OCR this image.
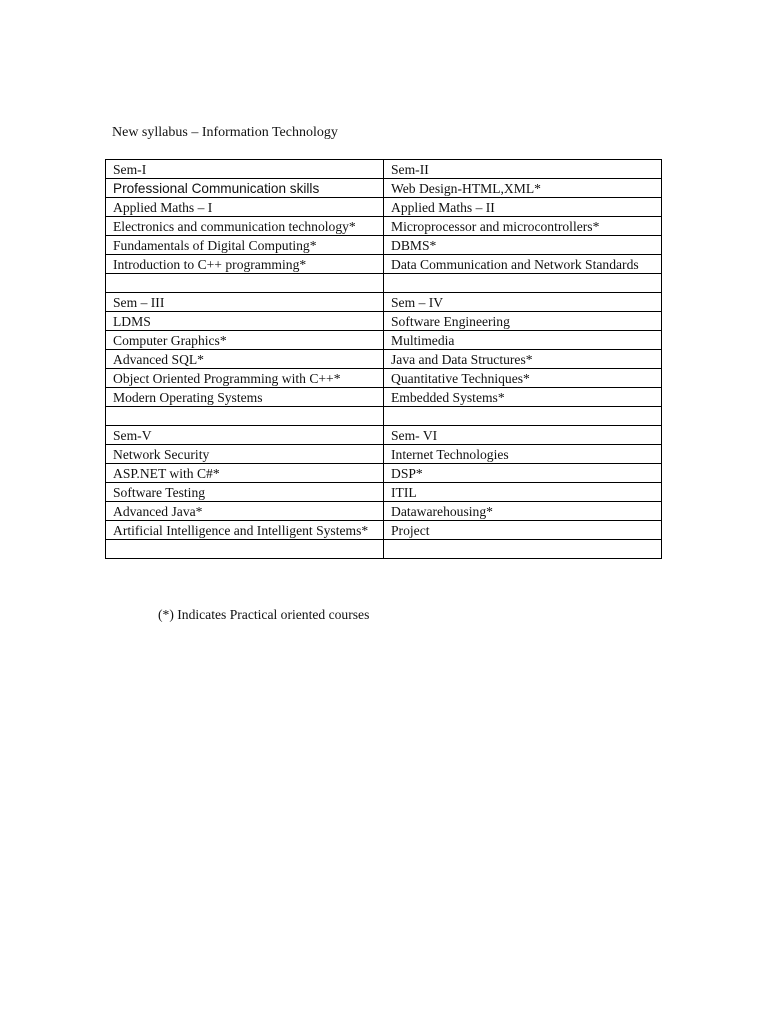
New syllabus – Information Technology
Sem-I	Sem-II
Professional Communication skills	Web Design-HTML,XML*
Applied Maths – I	Applied Maths – II
Electronics and communication technology*	Microprocessor and microcontrollers*
Fundamentals of Digital Computing*	DBMS*
Introduction to C++ programming*	Data Communication and Network Standards

Sem – III	Sem – IV
LDMS	Software Engineering
Computer Graphics*	Multimedia
Advanced SQL*	Java and Data Structures*
Object Oriented Programming with C++*	Quantitative Techniques*
Modern Operating Systems	Embedded Systems*

Sem-V	Sem- VI
Network Security	Internet Technologies
ASP.NET with C#*	DSP*
Software Testing	ITIL
Advanced Java*	Datawarehousing*
Artificial Intelligence and Intelligent Systems*	Project

(*) Indicates Practical oriented courses
